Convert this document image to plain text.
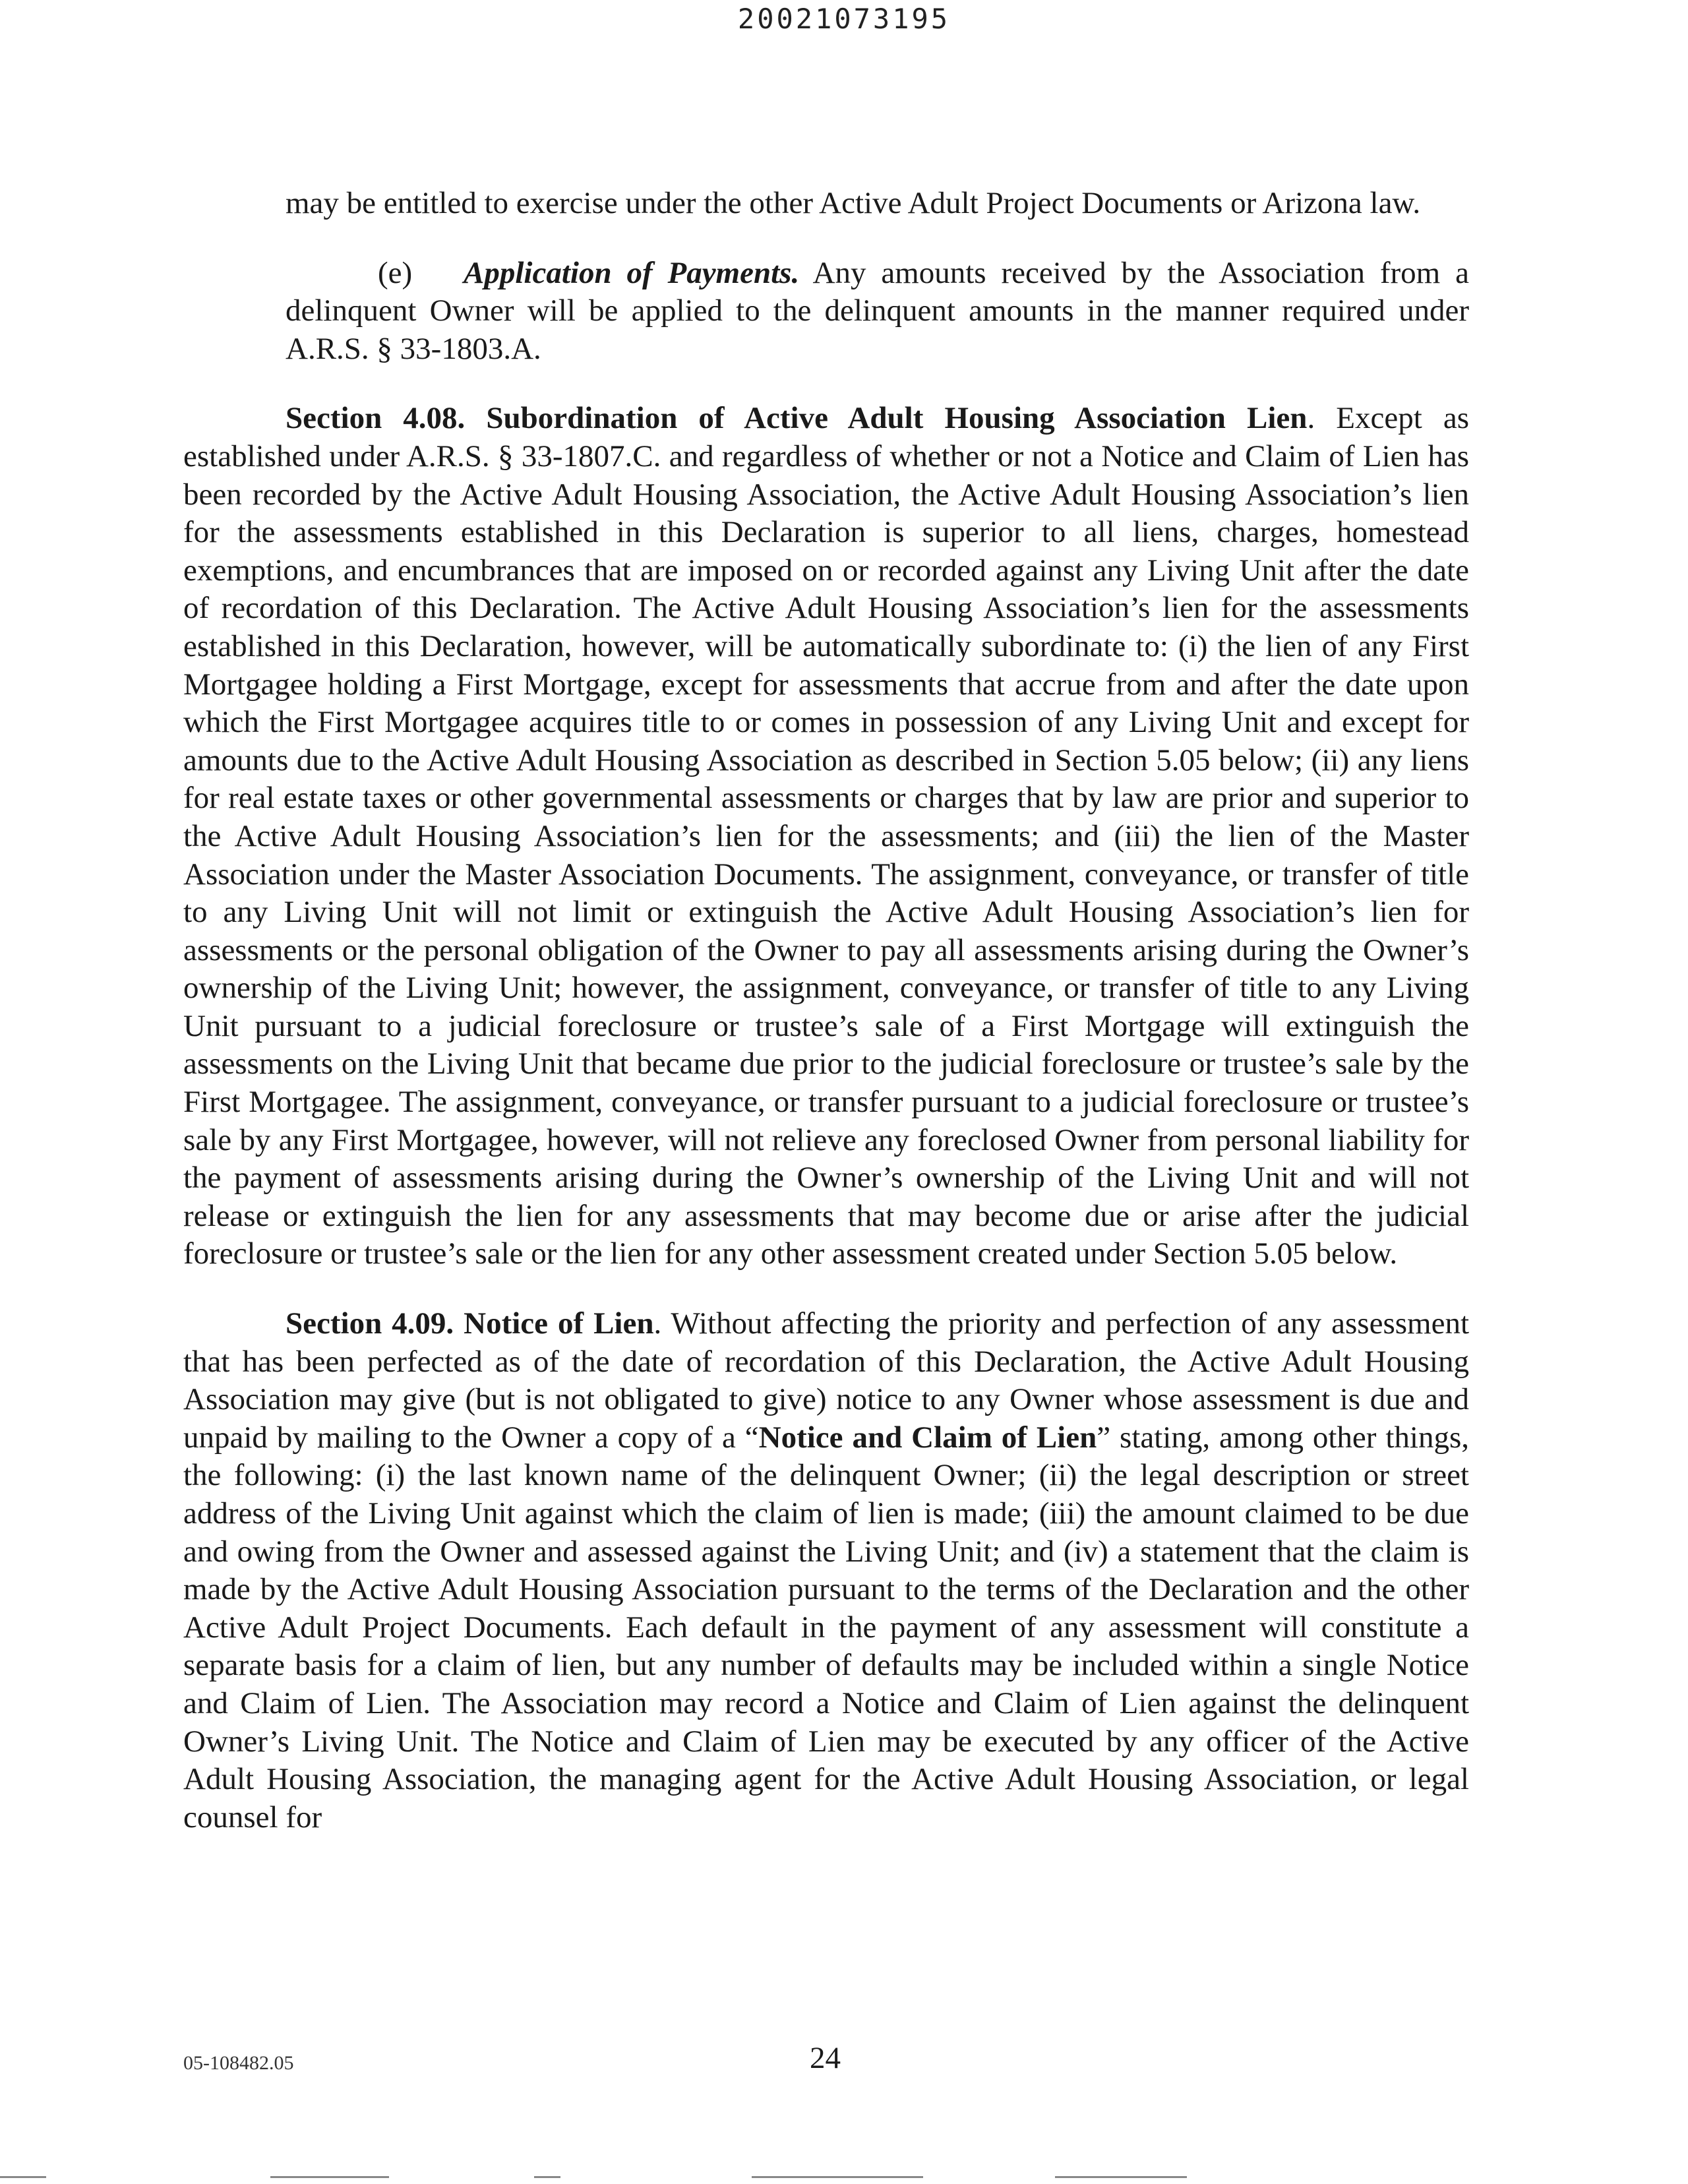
20021073195

may be entitled to exercise under the other Active Adult Project Documents or Arizona law.

(e) Application of Payments. Any amounts received by the Association from a delinquent Owner will be applied to the delinquent amounts in the manner required under A.R.S. § 33-1803.A.

Section 4.08. Subordination of Active Adult Housing Association Lien. Except as established under A.R.S. § 33-1807.C. and regardless of whether or not a Notice and Claim of Lien has been recorded by the Active Adult Housing Association, the Active Adult Housing Association’s lien for the assessments established in this Declaration is superior to all liens, charges, homestead exemptions, and encumbrances that are imposed on or recorded against any Living Unit after the date of recordation of this Declaration. The Active Adult Housing Association’s lien for the assessments established in this Declaration, however, will be automatically subordinate to: (i) the lien of any First Mortgagee holding a First Mortgage, except for assessments that accrue from and after the date upon which the First Mortgagee acquires title to or comes in possession of any Living Unit and except for amounts due to the Active Adult Housing Association as described in Section 5.05 below; (ii) any liens for real estate taxes or other governmental assessments or charges that by law are prior and superior to the Active Adult Housing Association’s lien for the assessments; and (iii) the lien of the Master Association under the Master Association Documents. The assignment, conveyance, or transfer of title to any Living Unit will not limit or extinguish the Active Adult Housing Association’s lien for assessments or the personal obligation of the Owner to pay all assessments arising during the Owner’s ownership of the Living Unit; however, the assignment, conveyance, or transfer of title to any Living Unit pursuant to a judicial foreclosure or trustee’s sale of a First Mortgage will extinguish the assessments on the Living Unit that became due prior to the judicial foreclosure or trustee’s sale by the First Mortgagee. The assignment, conveyance, or transfer pursuant to a judicial foreclosure or trustee’s sale by any First Mortgagee, however, will not relieve any foreclosed Owner from personal liability for the payment of assessments arising during the Owner’s ownership of the Living Unit and will not release or extinguish the lien for any assessments that may become due or arise after the judicial foreclosure or trustee’s sale or the lien for any other assessment created under Section 5.05 below.

Section 4.09. Notice of Lien. Without affecting the priority and perfection of any assessment that has been perfected as of the date of recordation of this Declaration, the Active Adult Housing Association may give (but is not obligated to give) notice to any Owner whose assessment is due and unpaid by mailing to the Owner a copy of a “Notice and Claim of Lien” stating, among other things, the following: (i) the last known name of the delinquent Owner; (ii) the legal description or street address of the Living Unit against which the claim of lien is made; (iii) the amount claimed to be due and owing from the Owner and assessed against the Living Unit; and (iv) a statement that the claim is made by the Active Adult Housing Association pursuant to the terms of the Declaration and the other Active Adult Project Documents. Each default in the payment of any assessment will constitute a separate basis for a claim of lien, but any number of defaults may be included within a single Notice and Claim of Lien. The Association may record a Notice and Claim of Lien against the delinquent Owner’s Living Unit. The Notice and Claim of Lien may be executed by any officer of the Active Adult Housing Association, the managing agent for the Active Adult Housing Association, or legal counsel for

05-108482.05	24
